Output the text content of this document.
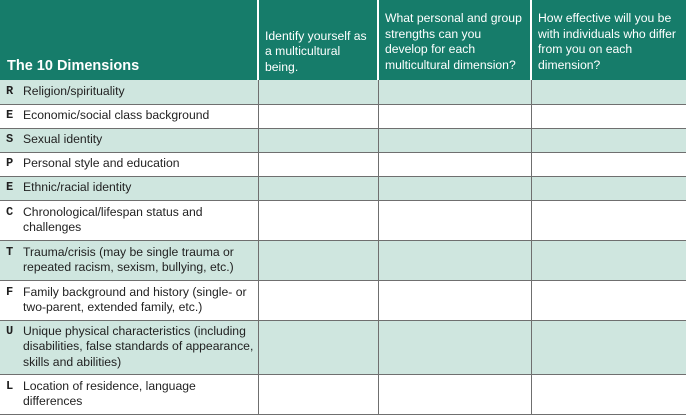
The 10 Dimensions	Identify yourself as a multicultural being.	What personal and group strengths can you develop for each multicultural dimension?	How effective will you be with individuals who differ from you on each dimension?

R Religion/spirituality			

E Economic/social class background			

S Sexual identity			

P Personal style and education			

E Ethnic/racial identity			

C Chronological/lifespan status and challenges			

T Trauma/crisis (may be single trauma or repeated racism, sexism, bullying, etc.)			

F Family background and history (single- or two-parent, extended family, etc.)			

U Unique physical characteristics (including disabilities, false standards of appearance, skills and abilities)			

L Location of residence, language differences			
